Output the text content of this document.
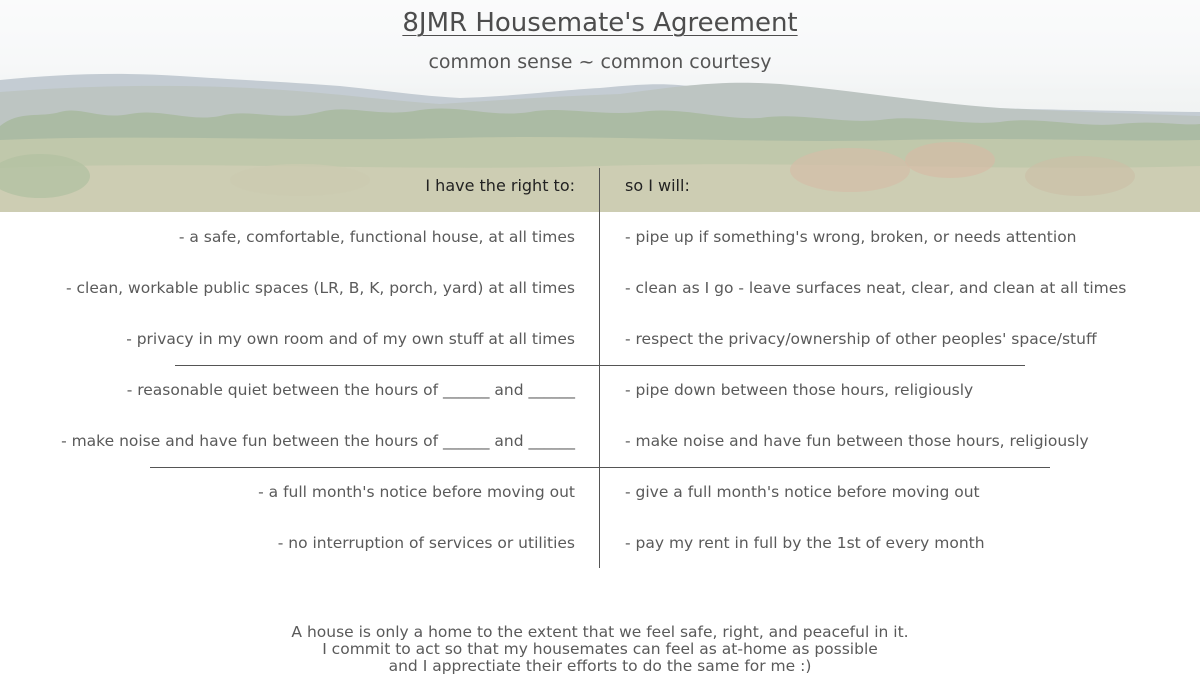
8JMR Housemate's Agreement
common sense ~ common courtesy
I have the right to:	so I will:
- a safe, comfortable, functional house, at all times	- pipe up if something's wrong, broken, or needs attention
- clean, workable public spaces (LR, B, K, porch, yard) at all times	- clean as I go - leave surfaces neat, clear, and clean at all times
- privacy in my own room and of my own stuff at all times	- respect the privacy/ownership of other peoples' space/stuff
- reasonable quiet between the hours of ______ and ______	- pipe down between those hours, religiously
- make noise and have fun between the hours of ______ and ______	- make noise and have fun between those hours, religiously
- a full month's notice before moving out	- give a full month's notice before moving out
- no interruption of services or utilities	- pay my rent in full by the 1st of every month
A house is only a home to the extent that we feel safe, right, and peaceful in it.
I commit to act so that my housemates can feel as at-home as possible
and I apprectiate their efforts to do the same for me :)
